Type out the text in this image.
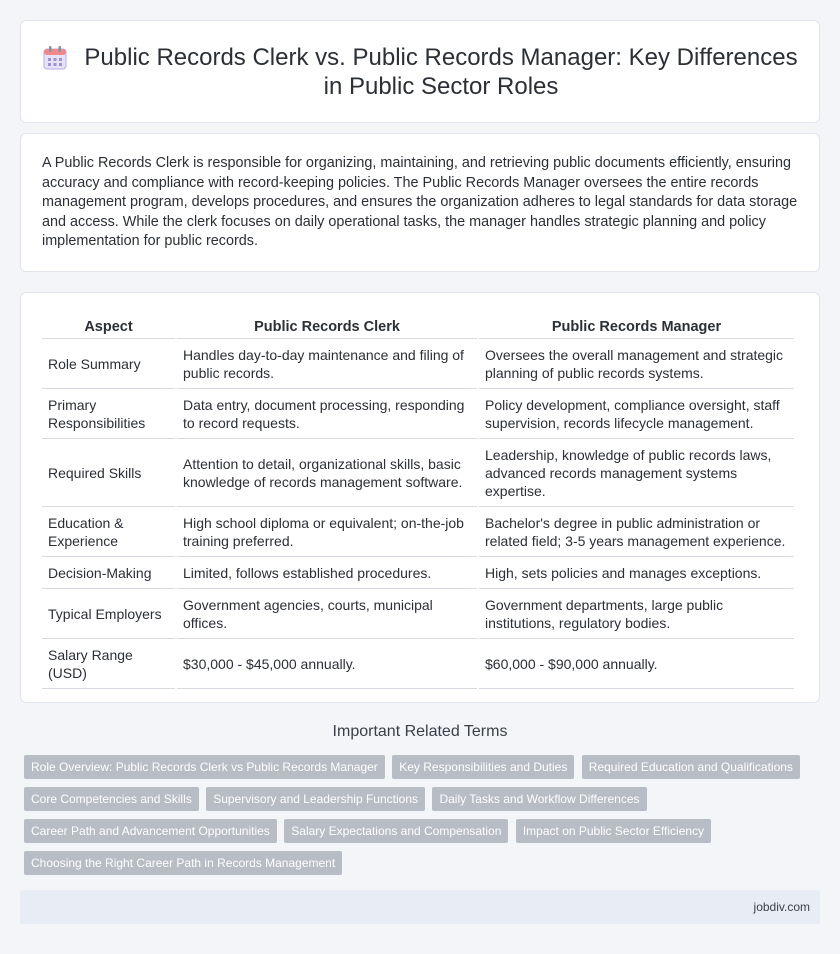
Public Records Clerk vs. Public Records Manager: Key Differences in Public Sector Roles

A Public Records Clerk is responsible for organizing, maintaining, and retrieving public documents efficiently, ensuring accuracy and compliance with record-keeping policies. The Public Records Manager oversees the entire records management program, develops procedures, and ensures the organization adheres to legal standards for data storage and access. While the clerk focuses on daily operational tasks, the manager handles strategic planning and policy implementation for public records.

Aspect	Public Records Clerk	Public Records Manager
Role Summary	Handles day-to-day maintenance and filing of public records.	Oversees the overall management and strategic planning of public records systems.
Primary Responsibilities	Data entry, document processing, responding to record requests.	Policy development, compliance oversight, staff supervision, records lifecycle management.
Required Skills	Attention to detail, organizational skills, basic knowledge of records management software.	Leadership, knowledge of public records laws, advanced records management systems expertise.
Education & Experience	High school diploma or equivalent; on-the-job training preferred.	Bachelor's degree in public administration or related field; 3-5 years management experience.
Decision-Making	Limited, follows established procedures.	High, sets policies and manages exceptions.
Typical Employers	Government agencies, courts, municipal offices.	Government departments, large public institutions, regulatory bodies.
Salary Range (USD)	$30,000 - $45,000 annually.	$60,000 - $90,000 annually.
Important Related Terms
Role Overview: Public Records Clerk vs Public Records Manager Key Responsibilities and Duties Required Education and Qualifications Core Competencies and Skills Supervisory and Leadership Functions Daily Tasks and Workflow Differences Career Path and Advancement Opportunities Salary Expectations and Compensation Impact on Public Sector Efficiency Choosing the Right Career Path in Records Management
jobdiv.com
